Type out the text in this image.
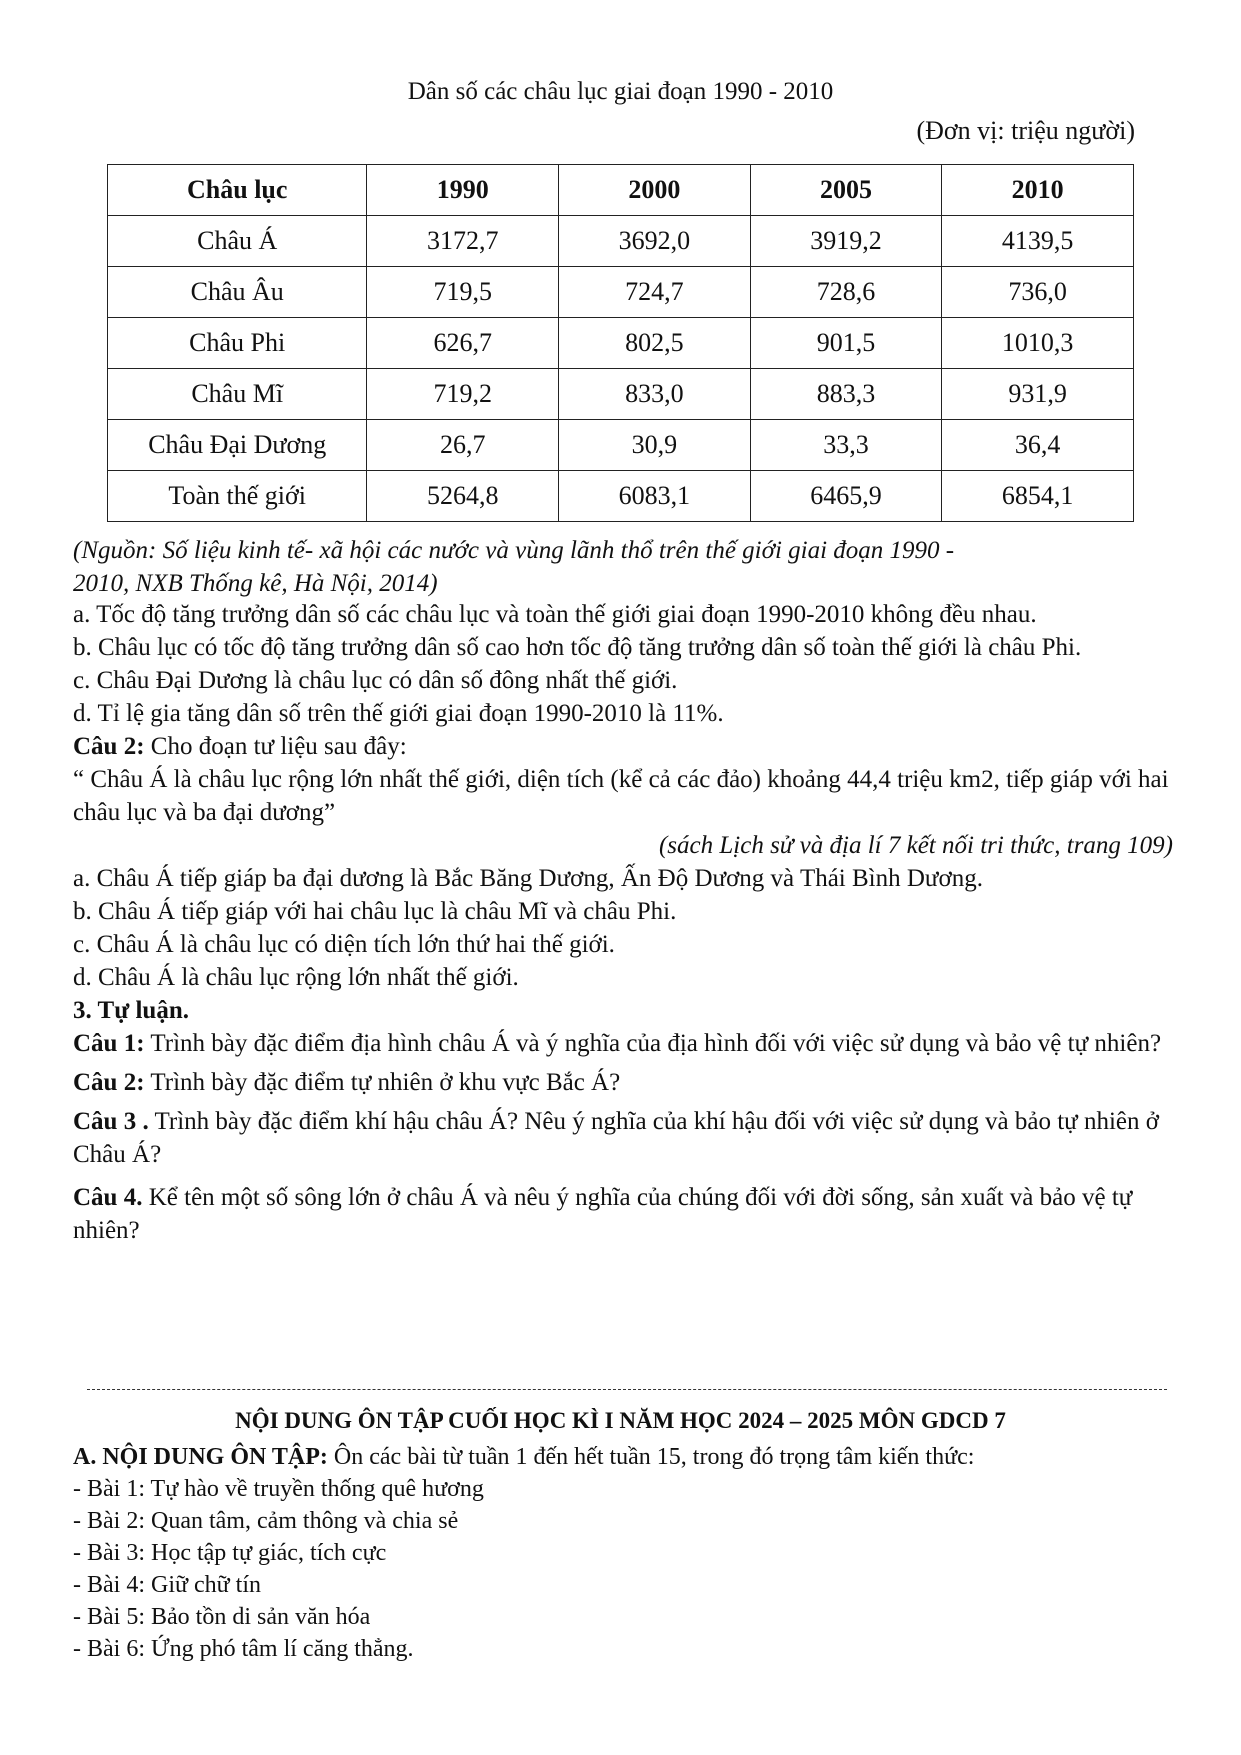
Dân số các châu lục giai đoạn 1990 - 2010
(Đơn vị: triệu người)
Châu lục	1990	2000	2005	2010
Châu Á	3172,7	3692,0	3919,2	4139,5
Châu Âu	719,5	724,7	728,6	736,0
Châu Phi	626,7	802,5	901,5	1010,3
Châu Mĩ	719,2	833,0	883,3	931,9
Châu Đại Dương	26,7	30,9	33,3	36,4
Toàn thế giới	5264,8	6083,1	6465,9	6854,1

(Nguồn: Số liệu kinh tế- xã hội các nước và vùng lãnh thổ trên thế giới giai đoạn 1990 -

2010, NXB Thống kê, Hà Nội, 2014)

a. Tốc độ tăng trưởng dân số các châu lục và toàn thế giới giai đoạn 1990-2010 không đều nhau.

b. Châu lục có tốc độ tăng trưởng dân số cao hơn tốc độ tăng trưởng dân số toàn thế giới là châu Phi.

c. Châu Đại Dương là châu lục có dân số đông nhất thế giới.

d. Tỉ lệ gia tăng dân số trên thế giới giai đoạn 1990-2010 là 11%.

Câu 2: Cho đoạn tư liệu sau đây:

“ Châu Á là châu lục rộng lớn nhất thế giới, diện tích (kể cả các đảo) khoảng 44,4 triệu km2, tiếp giáp với hai châu lục và ba đại dương”

(sách Lịch sử và địa lí 7 kết nối tri thức, trang 109)

a. Châu Á tiếp giáp ba đại dương là Bắc Băng Dương, Ấn Độ Dương và Thái Bình Dương.

b. Châu Á tiếp giáp với hai châu lục là châu Mĩ và châu Phi.

c. Châu Á là châu lục có diện tích lớn thứ hai thế giới.

d. Châu Á là châu lục rộng lớn nhất thế giới.

3. Tự luận.

Câu 1: Trình bày đặc điểm địa hình châu Á và ý nghĩa của địa hình đối với việc sử dụng và bảo vệ tự nhiên?

Câu 2: Trình bày đặc điểm tự nhiên ở khu vực Bắc Á?

Câu 3 . Trình bày đặc điểm khí hậu châu Á? Nêu ý nghĩa của khí hậu đối với việc sử dụng và bảo tự nhiên ở Châu Á?

Câu 4. Kể tên một số sông lớn ở châu Á và nêu ý nghĩa của chúng đối với đời sống, sản xuất và bảo vệ tự nhiên?

NỘI DUNG ÔN TẬP CUỐI HỌC KÌ I NĂM HỌC 2024 – 2025 MÔN GDCD 7

A. NỘI DUNG ÔN TẬP: Ôn các bài từ tuần 1 đến hết tuần 15, trong đó trọng tâm kiến thức:

- Bài 1: Tự hào về truyền thống quê hương

- Bài 2: Quan tâm, cảm thông và chia sẻ

- Bài 3: Học tập tự giác, tích cực

- Bài 4: Giữ chữ tín

- Bài 5: Bảo tồn di sản văn hóa

- Bài 6: Ứng phó tâm lí căng thẳng.
